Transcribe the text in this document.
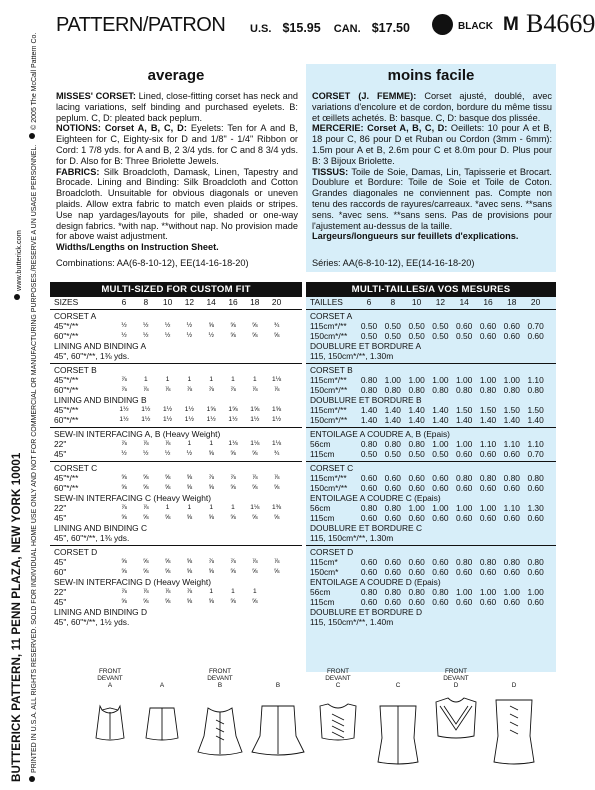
BUTTERICK PATTERN, 11 PENN PLAZA, NEW YORK 10001 PRINTED IN U.S.A. ALL RIGHTS RESERVED. SOLD FOR INDIVIDUAL HOME USE ONLY AND NOT FOR COMMERCIAL OR MANUFACTURING PURPOSES./RESERVE A UN USAGE PERSONNEL.   © 2005 The McCall Pattern Co.
www.butterick.com
PATTERN/PATRON U.S. $15.95 CAN. $17.50	BLACK M B4669
average

MISSES' CORSET: Lined, close-fitting corset has neck and lacing variations, self binding and purchased eyelets. B: peplum. C, D: pleated back peplum.

NOTIONS: Corset A, B, C, D: Eyelets: Ten for A and B, Eighteen for C, Eighty-six for D and 1/8" - 1/4" Ribbon or Cord: 1 7/8 yds. for A and B, 2 3/4 yds. for C and 8 3/4 yds. for D. Also for B: Three Briolette Jewels.

FABRICS: Silk Broadcloth, Damask, Linen, Tapestry and Brocade. Lining and Binding: Silk Broadcloth and Cotton Broadcloth. Unsuitable for obvious diagonals or uneven plaids. Allow extra fabric to match even plaids or stripes. Use nap yardages/layouts for pile, shaded or one-way design fabrics. *with nap. **without nap. No provision made for above waist adjustment.

Widths/Lengths on Instruction Sheet.

Combinations: AA(6-8-10-12), EE(14-16-18-20)
moins facile

CORSET (J. FEMME): Corset ajusté, doublé, avec variations d'encolure et de cordon, bordure du même tissu et œillets achetés. B: basque. C, D: basque dos plissée.

MERCERIE: Corset A, B, C, D: Oeillets: 10 pour A et B, 18 pour C, 86 pour D et Ruban ou Cordon (3mm - 6mm): 1.5m pour A et B, 2.6m pour C et 8.0m pour D. Plus pour B: 3 Bijoux Briolette.

TISSUS: Toile de Soie, Damas, Lin, Tapisserie et Brocart. Doublure et Bordure: Toile de Soie et Toile de Coton. Grandes diagonales ne conviennent pas. Compte non tenu des raccords de rayures/carreaux. *avec sens. **sans sens. *avec sens. **sans sens. Pas de provisions pour l'ajustement au-dessus de la taille.

Largeurs/longueurs sur feuillets d'explications.

Séries: AA(6-8-10-12), EE(14-16-18-20)
MULTI-SIZED FOR CUSTOM FIT
SIZES	6	8	10	12	14	16	18	20
CORSET A
45"*/**	½	½	½	½	⅝	⅝	⅝	¾
60"*/**	½	½	½	½	½	⅝	⅝	⅝
LINING AND BINDING A
45", 60"*/**, 1⅜ yds.
CORSET B
45"*/**	⅞	1	1	1	1	1	1	1⅛
60"*/**	⅞	⅞	⅞	⅞	⅞	⅞	⅞	⅞
LINING AND BINDING B
45"*/**	1½	1½	1½	1½	1⅝	1⅝	1⅝	1⅝
60"*/**	1½	1½	1½	1½	1½	1½	1½	1½
SEW-IN INTERFACING A, B (Heavy Weight)
22"	⅞	⅞	⅞	1	1	1⅛	1⅛	1⅛
45"	½	½	½	½	⅝	⅝	⅝	¾
CORSET C
45"*/**	⅝	⅝	⅝	⅝	⅞	⅞	⅞	⅞
60"*/**	⅝	⅝	⅝	⅝	⅝	⅝	⅝	⅝
SEW-IN INTERFACING C (Heavy Weight)
22"	⅞	⅞	1	1	1	1	1⅛	1⅜
45"	⅝	⅝	⅝	⅝	⅝	⅝	⅝	⅝
LINING AND BINDING C
45", 60"*/**, 1⅜ yds.
CORSET D
45"	⅝	⅝	⅝	⅝	⅞	⅞	⅞	⅞
60"	⅝	⅝	⅝	⅝	⅝	⅝	⅝	⅝
SEW-IN INTERFACING D (Heavy Weight)
22"	⅞	⅞	⅞	⅞	1	1	1
45"	⅝	⅝	⅝	⅝	⅝	⅝	⅝
LINING AND BINDING D
45", 60"*/**, 1½ yds.
MULTI-TAILLES/A VOS MESURES
TAILLES	6	8	10	12	14	16	18	20
CORSET A
115cm*/** 0.50 0.50 0.50 0.50 0.60 0.60 0.60 0.70
150cm*/** 0.50 0.50 0.50 0.50 0.50 0.60 0.60 0.60
DOUBLURE ET BORDURE A
115, 150cm*/**, 1.30m
CORSET B
115cm*/** 0.80 1.00 1.00 1.00 1.00 1.00 1.00 1.10
150cm*/** 0.80 0.80 0.80 0.80 0.80 0.80 0.80 0.80
DOUBLURE ET BORDURE B
115cm*/** 1.40 1.40 1.40 1.40 1.50 1.50 1.50 1.50
150cm*/** 1.40 1.40 1.40 1.40 1.40 1.40 1.40 1.40
ENTOILAGE A COUDRE A, B (Epais)
56cm	0.80 0.80 0.80 1.00 1.00 1.10 1.10 1.10
115cm	0.50 0.50 0.50 0.50 0.60 0.60 0.60 0.70
CORSET C
115cm*/** 0.60 0.60 0.60 0.60 0.80 0.80 0.80 0.80
150cm*/** 0.60 0.60 0.60 0.60 0.60 0.60 0.60 0.60
ENTOILAGE A COUDRE C (Epais)
56cm	0.80 0.80 1.00 1.00 1.00 1.00 1.10 1.30
115cm	0.60 0.60 0.60 0.60 0.60 0.60 0.60 0.60
DOUBLURE ET BORDURE C
115, 150cm*/**, 1.30m
CORSET D
115cm*	0.60 0.60 0.60 0.60 0.80 0.80 0.80 0.80
150cm*	0.60 0.60 0.60 0.60 0.60 0.60 0.60 0.60
ENTOILAGE A COUDRE D (Epais)
56cm	0.80 0.80 0.80 0.80 1.00 1.00 1.00 1.00
115cm	0.60 0.60 0.60 0.60 0.60 0.60 0.60 0.60
DOUBLURE ET BORDURE D
115, 150cm*/**, 1.40m
FRONT
DEVANT
A	A
FRONT
DEVANT
B	B
FRONT
DEVANT
C	C
FRONT
DEVANT
D	D
